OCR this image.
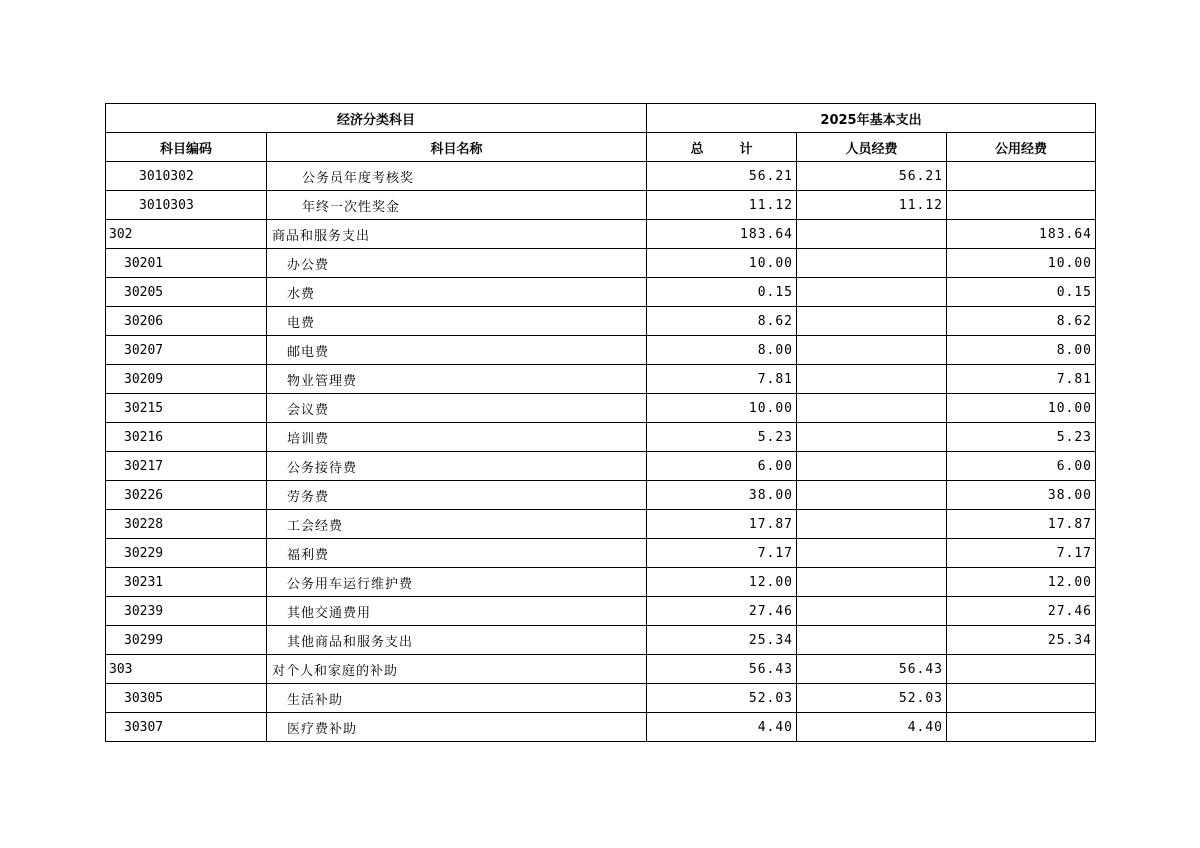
经济分类科目		2025年基本支出		
科目编码	科目名称	总 计	人员经费	公用经费
3010302	公务员年度考核奖	56.21	56.21	
3010303	年终一次性奖金	11.12	11.12	
302	商品和服务支出	183.64		183.64
30201	办公费	10.00		10.00
30205	水费	0.15		0.15
30206	电费	8.62		8.62
30207	邮电费	8.00		8.00
30209	物业管理费	7.81		7.81
30215	会议费	10.00		10.00
30216	培训费	5.23		5.23
30217	公务接待费	6.00		6.00
30226	劳务费	38.00		38.00
30228	工会经费	17.87		17.87
30229	福利费	7.17		7.17
30231	公务用车运行维护费	12.00		12.00
30239	其他交通费用	27.46		27.46
30299	其他商品和服务支出	25.34		25.34
303	对个人和家庭的补助	56.43	56.43	
30305	生活补助	52.03	52.03	
30307	医疗费补助	4.40	4.40	
